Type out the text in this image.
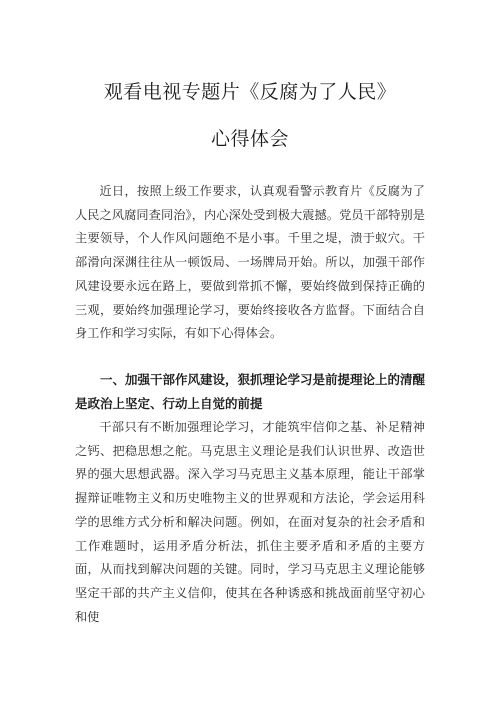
观看电视专题片《反腐为了人民》
心得体会

近日，按照上级工作要求，认真观看警示教育片《反腐为了人民之风腐同查同治》，内心深处受到极大震撼。党员干部特别是主要领导，个人作风问题绝不是小事。千里之堤，溃于蚁穴。干部滑向深渊往往从一顿饭局、一场牌局开始。所以，加强干部作风建设要永远在路上，要做到常抓不懈，要始终做到保持正确的三观，要始终加强理论学习，要始终接收各方监督。下面结合自身工作和学习实际，有如下心得体会。

一、加强干部作风建设，狠抓理论学习是前提理论上的清醒是政治上坚定、行动上自觉的前提

干部只有不断加强理论学习，才能筑牢信仰之基、补足精神之钙、把稳思想之舵。马克思主义理论是我们认识世界、改造世界的强大思想武器。深入学习马克思主义基本原理，能让干部掌握辩证唯物主义和历史唯物主义的世界观和方法论，学会运用科学的思维方式分析和解决问题。例如，在面对复杂的社会矛盾和工作难题时，运用矛盾分析法，抓住主要矛盾和矛盾的主要方面，从而找到解决问题的关键。同时，学习马克思主义理论能够坚定干部的共产主义信仰，使其在各种诱惑和挑战面前坚守初心和使
